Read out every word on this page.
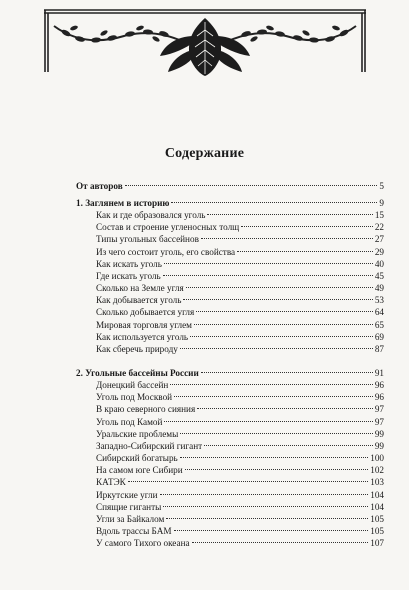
Содержание
От авторов	5
1. Заглянем в историю	9
Как и где образовался уголь	15
Состав и строение угленосных толщ	22
Типы угольных бассейнов	27
Из чего состоит уголь, его свойства	29
Как искать уголь	40
Где искать уголь	45
Сколько на Земле угля	49
Как добывается уголь	53
Сколько добывается угля	64
Мировая торговля углем	65
Как используется уголь	69
Как сберечь природу	87
2. Угольные бассейны России	91
Донецкий бассейн	96
Уголь под Москвой	96
В краю северного сияния	97
Уголь под Камой	97
Уральские проблемы	99
Западно-Сибирский гигант	99
Сибирский богатырь	100
На самом юге Сибири	102
КАТЭК	103
Иркутские угли	104
Спящие гиганты	104
Угли за Байкалом	105
Вдоль трассы БАМ	105
У самого Тихого океана	107
